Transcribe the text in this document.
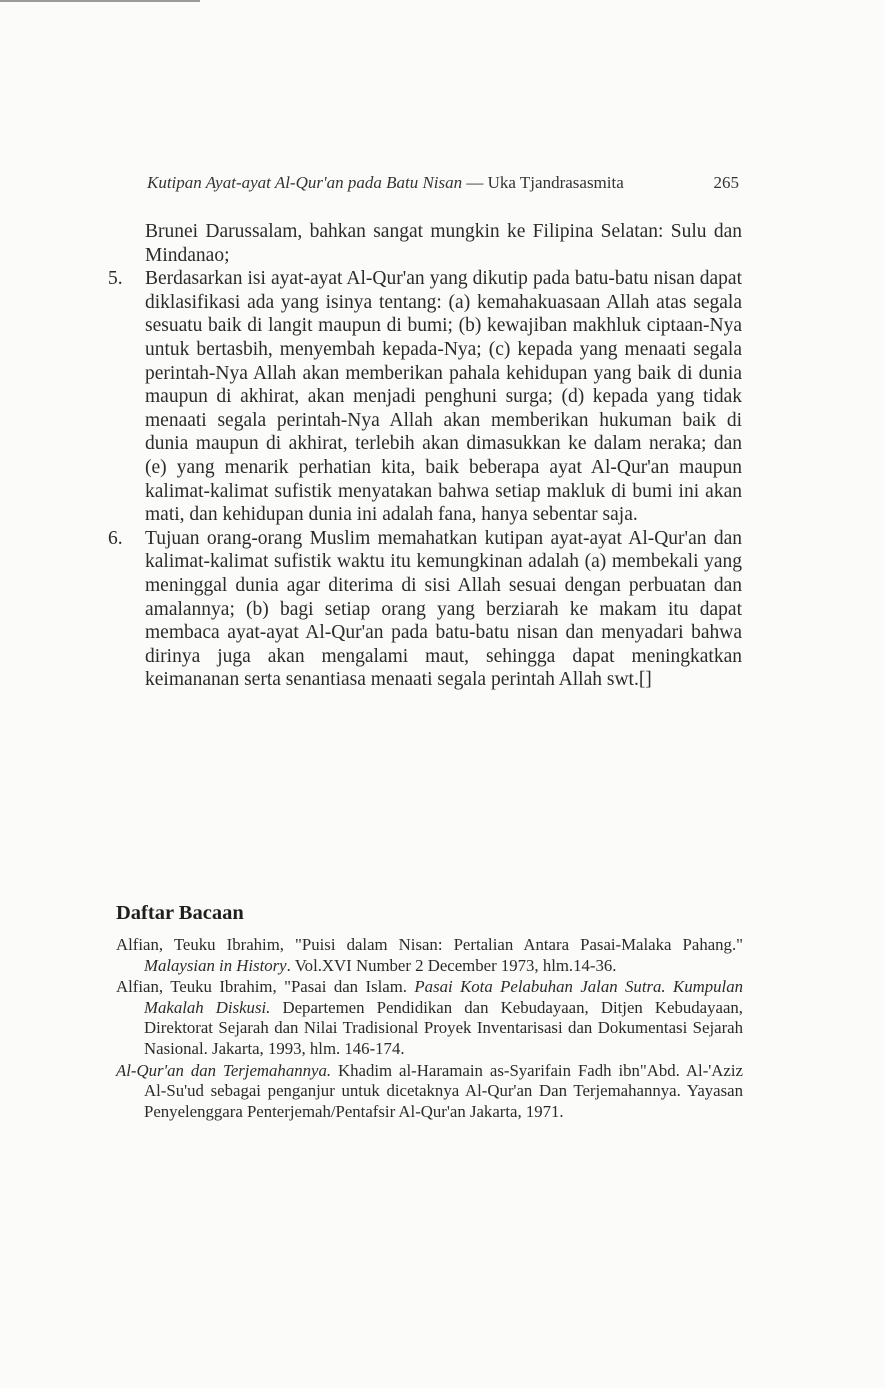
Kutipan Ayat-ayat Al-Qur'an pada Batu Nisan — Uka Tjandrasasmita	265

Brunei Darussalam, bahkan sangat mungkin ke Filipina Selatan: Sulu dan Mindanao;

5. Berdasarkan isi ayat-ayat Al-Qur'an yang dikutip pada batu-batu nisan dapat diklasifikasi ada yang isinya tentang: (a) kemahakuasaan Allah atas segala sesuatu baik di langit maupun di bumi; (b) kewajiban makhluk ciptaan-Nya untuk bertasbih, menyembah kepada-Nya; (c) kepada yang menaati segala perintah-Nya Allah akan memberikan pahala kehidupan yang baik di dunia maupun di akhirat, akan menjadi penghuni surga; (d) kepada yang tidak menaati segala perintah-Nya Allah akan memberikan hukuman baik di dunia maupun di akhirat, terlebih akan dimasukkan ke dalam neraka; dan (e) yang menarik perhatian kita, baik beberapa ayat Al-Qur'an maupun kalimat-kalimat sufistik menyatakan bahwa setiap makluk di bumi ini akan mati, dan kehidupan dunia ini adalah fana, hanya sebentar saja.

6. Tujuan orang-orang Muslim memahatkan kutipan ayat-ayat Al-Qur'an dan kalimat-kalimat sufistik waktu itu kemungkinan adalah (a) membekali yang meninggal dunia agar diterima di sisi Allah sesuai dengan perbuatan dan amalannya; (b) bagi setiap orang yang berziarah ke makam itu dapat membaca ayat-ayat Al-Qur'an pada batu-batu nisan dan menyadari bahwa dirinya juga akan mengalami maut, sehingga dapat meningkatkan keimananan serta senantiasa menaati segala perintah Allah swt.[]

Daftar Bacaan

Alfian, Teuku Ibrahim, "Puisi dalam Nisan: Pertalian Antara Pasai-Malaka Pahang." Malaysian in History. Vol.XVI Number 2 December 1973, hlm.14-36.

Alfian, Teuku Ibrahim, "Pasai dan Islam. Pasai Kota Pelabuhan Jalan Sutra. Kumpulan Makalah Diskusi. Departemen Pendidikan dan Kebudayaan, Ditjen Kebudayaan, Direktorat Sejarah dan Nilai Tradisional Proyek Inventarisasi dan Dokumentasi Sejarah Nasional. Jakarta, 1993, hlm. 146-174.

Al-Qur'an dan Terjemahannya. Khadim al-Haramain as-Syarifain Fadh ibn"Abd. Al-'Aziz Al-Su'ud sebagai penganjur untuk dicetaknya Al-Qur'an Dan Terjemahannya. Yayasan Penyelenggara Penterjemah/Pentafsir Al-Qur'an Jakarta, 1971.
